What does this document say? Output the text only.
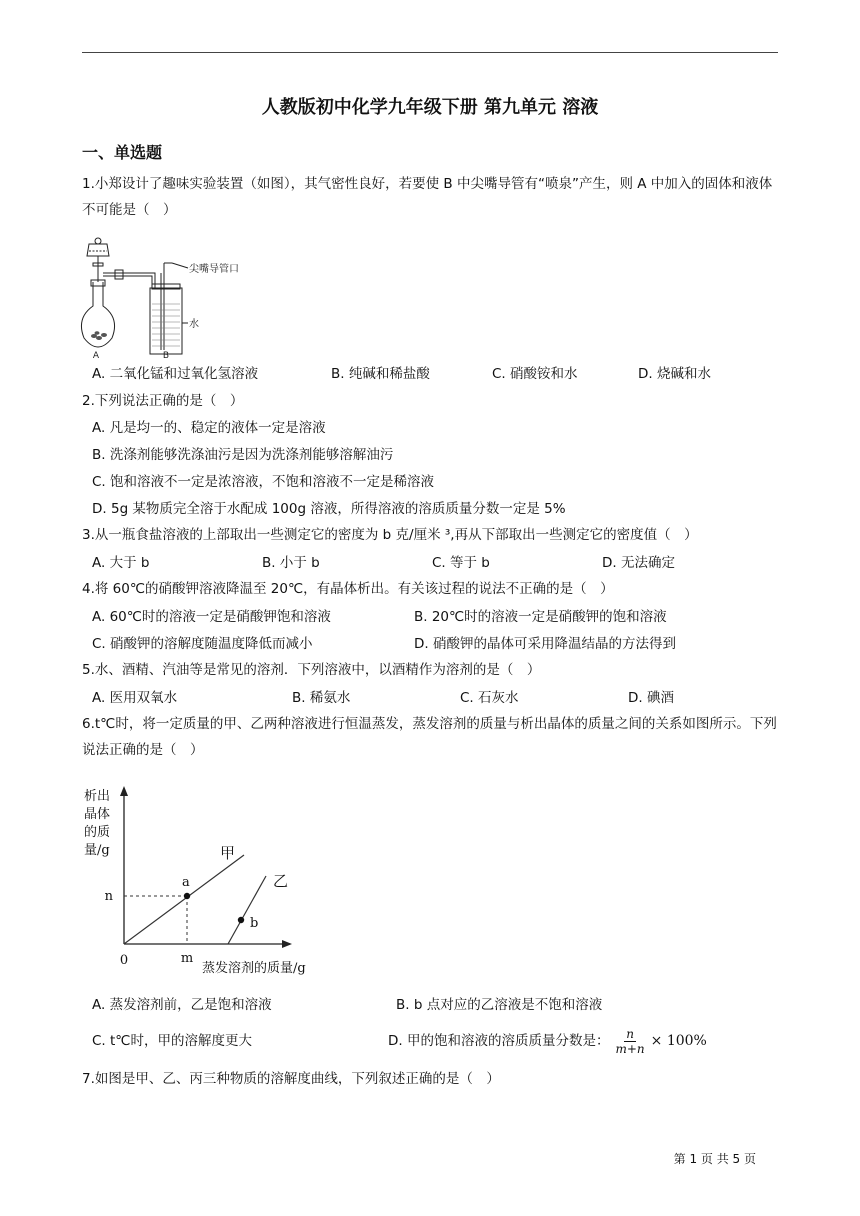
人教版初中化学九年级下册 第九单元 溶液
一、单选题
1.小郑设计了趣味实验装置（如图），其气密性良好，若要使 B 中尖嘴导管有“喷泉”产生，则 A 中加入的固体和液体不可能是（　）
尖嘴导管口
水
A	B
A. 二氧化锰和过氧化氢溶液	B. 纯碱和稀盐酸	C. 硝酸铵和水	D. 烧碱和水
2.下列说法正确的是（　）
A. 凡是均一的、稳定的液体一定是溶液
B. 洗涤剂能够洗涤油污是因为洗涤剂能够溶解油污
C. 饱和溶液不一定是浓溶液，不饱和溶液不一定是稀溶液
D. 5g 某物质完全溶于水配成 100g 溶液，所得溶液的溶质质量分数一定是 5%
3.从一瓶食盐溶液的上部取出一些测定它的密度为 b 克/厘米 ³,再从下部取出一些测定它的密度值（　）
A. 大于 b	B. 小于 b	C. 等于 b	D. 无法确定
4.将 60℃的硝酸钾溶液降温至 20℃，有晶体析出。有关该过程的说法不正确的是（　）
A. 60℃时的溶液一定是硝酸钾饱和溶液	B. 20℃时的溶液一定是硝酸钾的饱和溶液
C. 硝酸钾的溶解度随温度降低而减小	D. 硝酸钾的晶体可采用降温结晶的方法得到
5.水、酒精、汽油等是常见的溶剂．下列溶液中，以酒精作为溶剂的是（　）
A. 医用双氧水	B. 稀氨水	C. 石灰水	D. 碘酒
6.t℃时，将一定质量的甲、乙两种溶液进行恒温蒸发，蒸发溶剂的质量与析出晶体的质量之间的关系如图所示。下列说法正确的是（　）
析出
晶体
的质
量/g
n
m
0
a
b
甲
乙
蒸发溶剂的质量/g
A. 蒸发溶剂前，乙是饱和溶液	B. b 点对应的乙溶液是不饱和溶液
C. t℃时，甲的溶解度更大	D. 甲的饱和溶液的溶质质量分数是： $\frac{n}{m+n} \times 100\%$
7.如图是甲、乙、丙三种物质的溶解度曲线，下列叙述正确的是（　）
第 1 页 共 5 页
